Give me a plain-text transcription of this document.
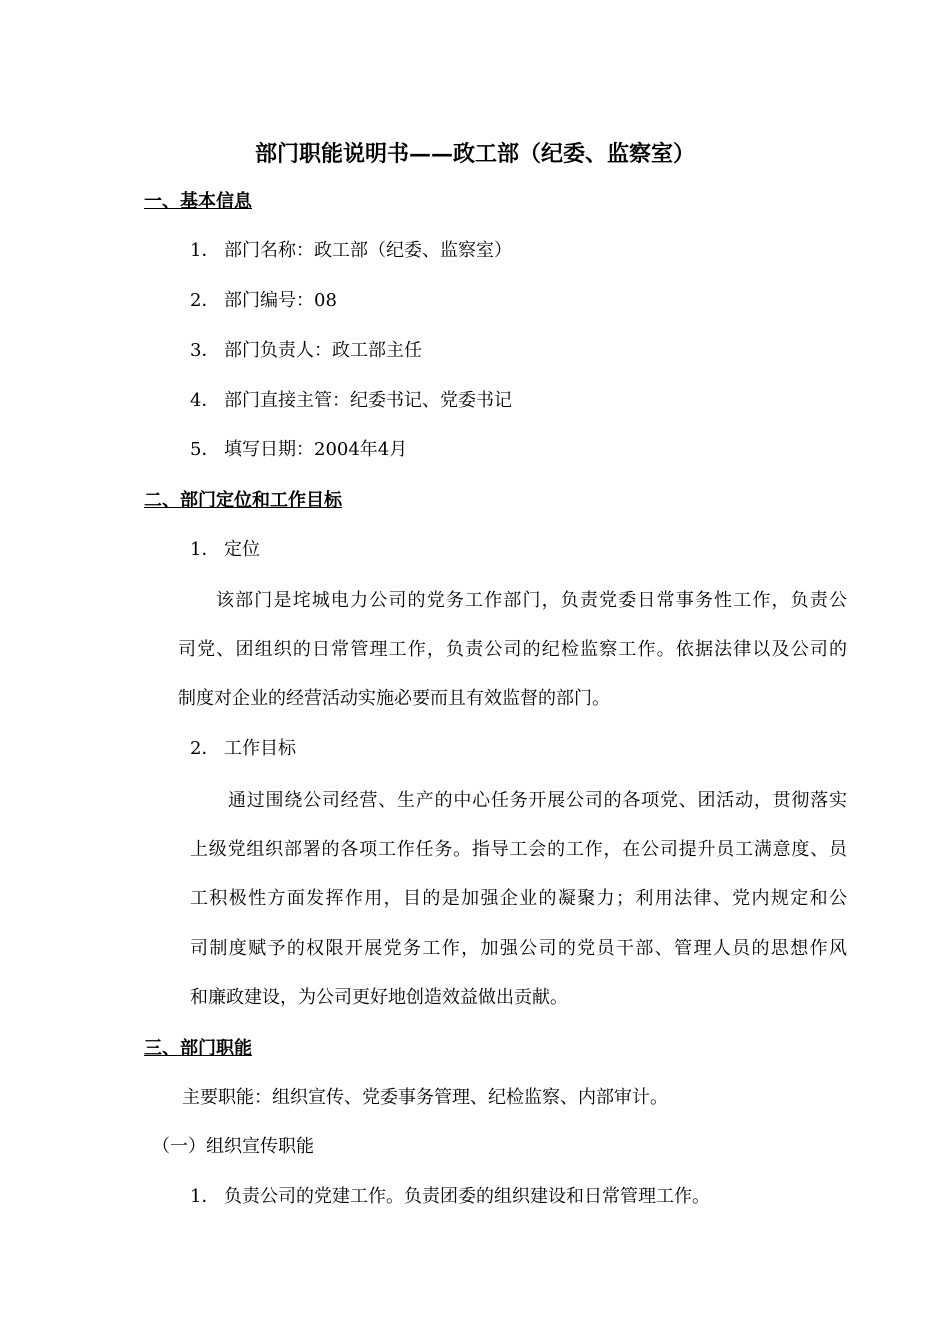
部门职能说明书——政工部（纪委、监察室）
一、基本信息
1． 部门名称：政工部（纪委、监察室）
2． 部门编号：08
3． 部门负责人：政工部主任
4． 部门直接主管：纪委书记、党委书记
5． 填写日期：2004年4月
二、部门定位和工作目标
1． 定位
该部门是垞城电力公司的党务工作部门，负责党委日常事务性工作，负责公
司党、团组织的日常管理工作，负责公司的纪检监察工作。依据法律以及公司的
制度对企业的经营活动实施必要而且有效监督的部门。
2． 工作目标
通过围绕公司经营、生产的中心任务开展公司的各项党、团活动，贯彻落实
上级党组织部署的各项工作任务。指导工会的工作，在公司提升员工满意度、员
工积极性方面发挥作用，目的是加强企业的凝聚力；利用法律、党内规定和公
司制度赋予的权限开展党务工作，加强公司的党员干部、管理人员的思想作风
和廉政建设，为公司更好地创造效益做出贡献。
三、部门职能
主要职能：组织宣传、党委事务管理、纪检监察、内部审计。
（一）组织宣传职能
1． 负责公司的党建工作。负责团委的组织建设和日常管理工作。
